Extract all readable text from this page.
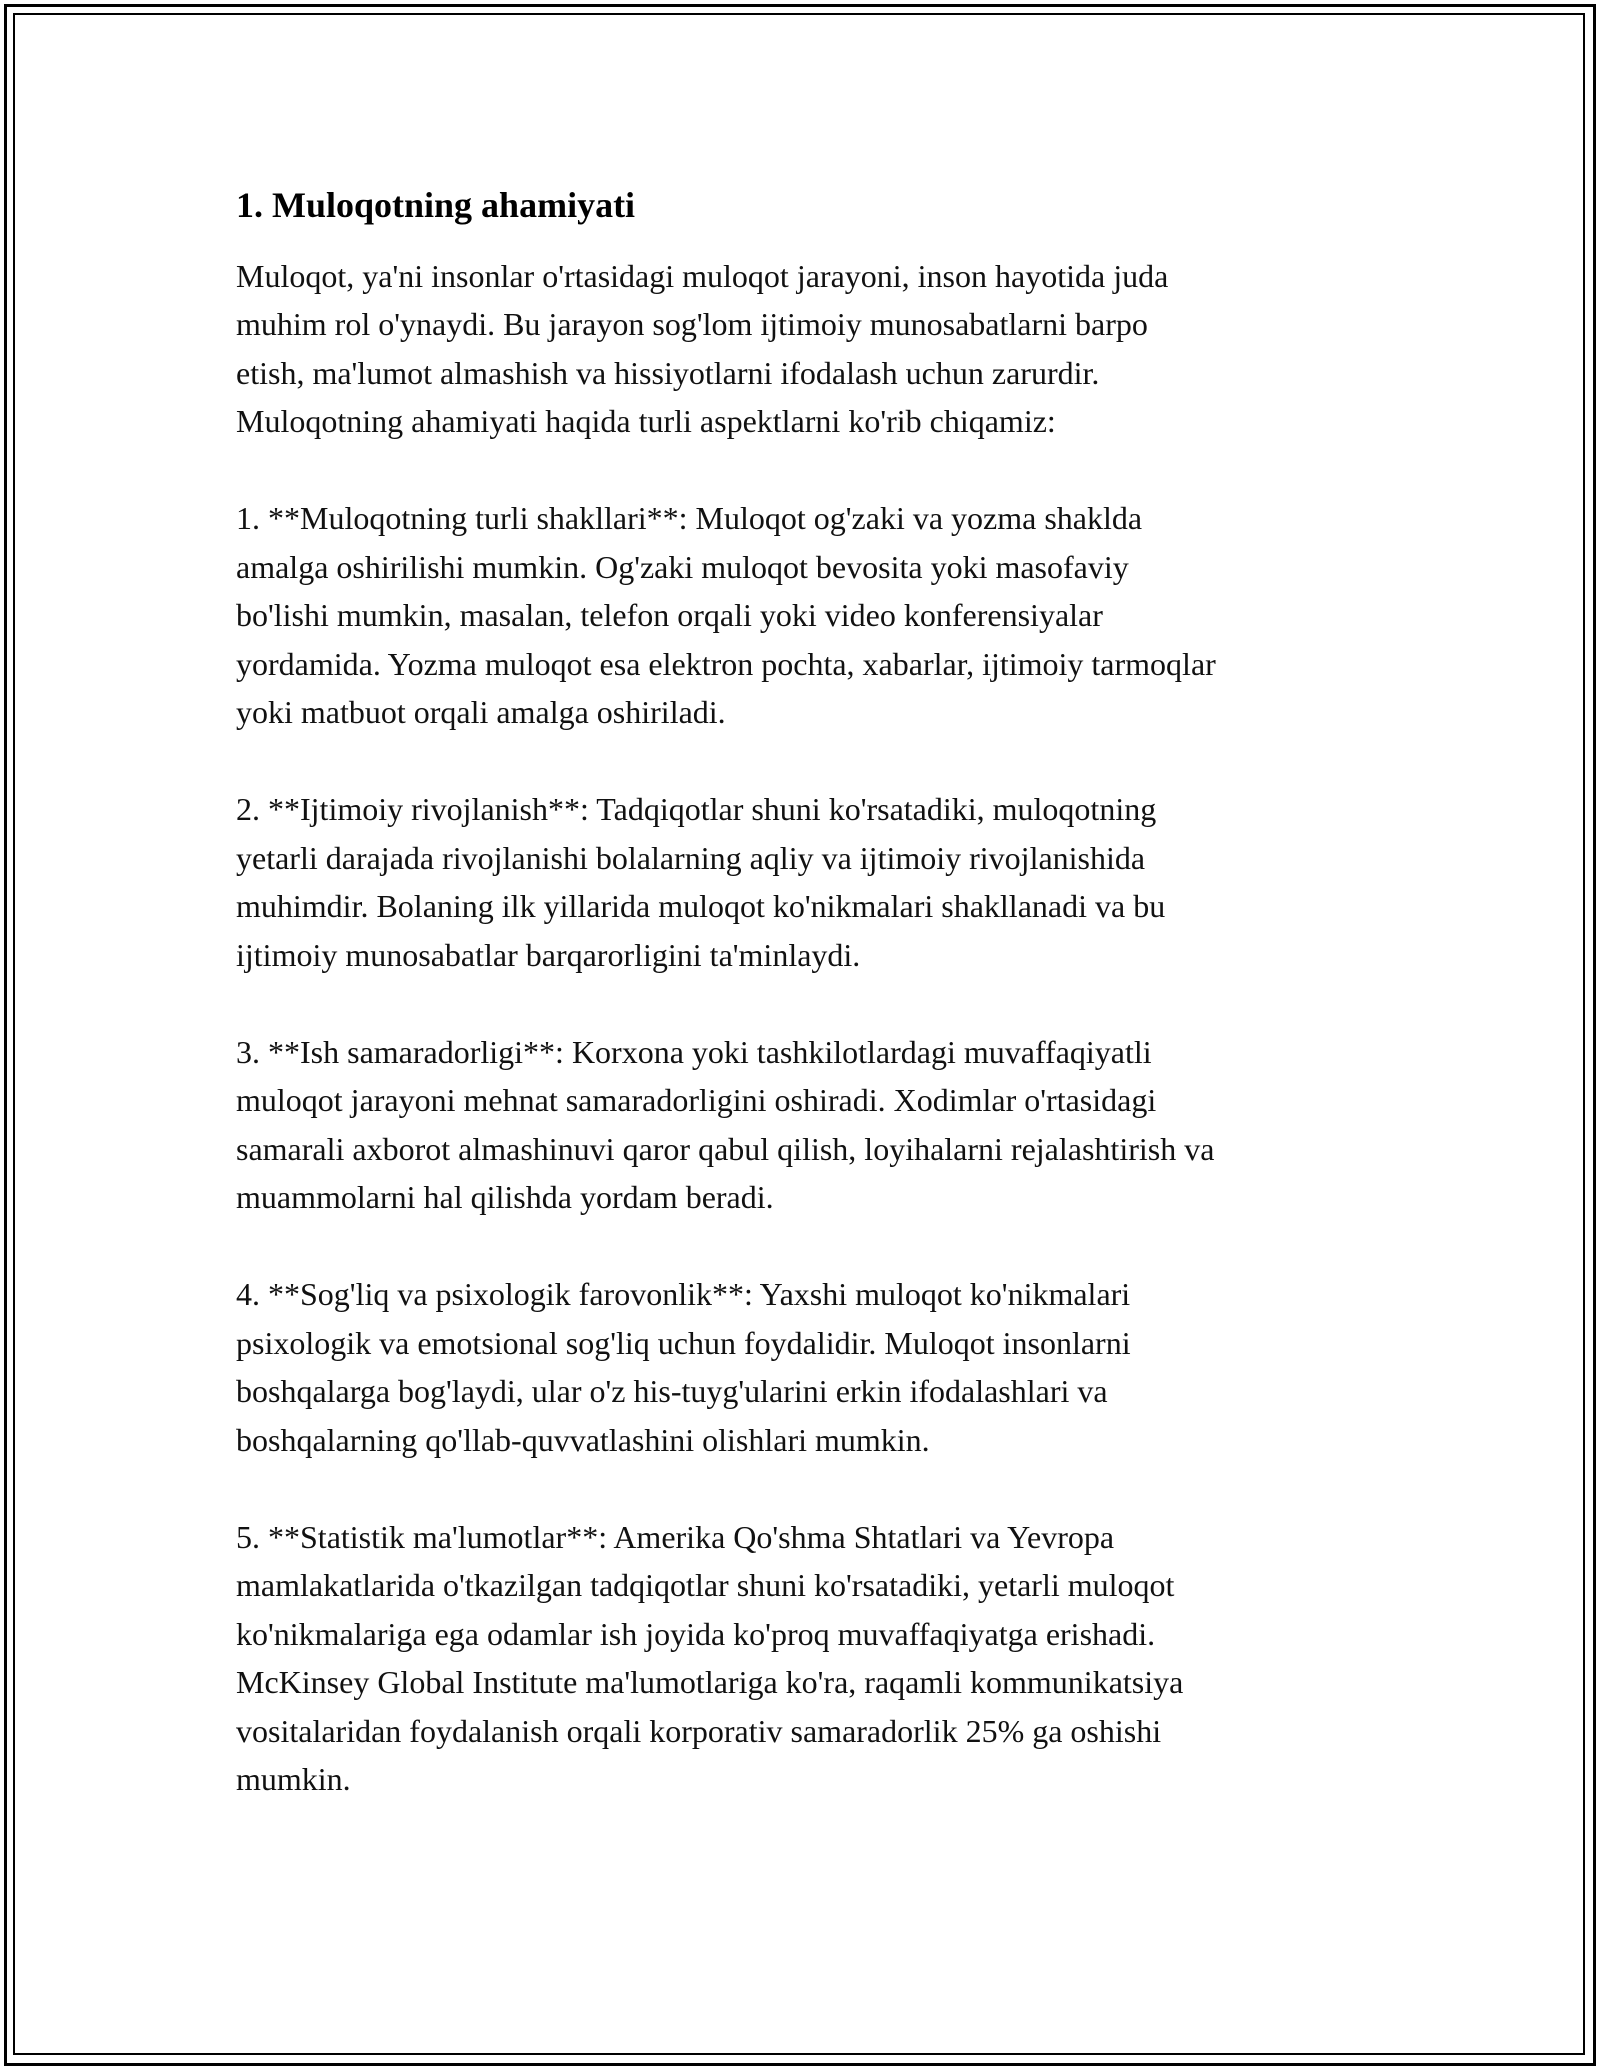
1. Muloqotning ahamiyati

Muloqot, ya'ni insonlar o'rtasidagi muloqot jarayoni, inson hayotida juda
muhim rol o'ynaydi. Bu jarayon sog'lom ijtimoiy munosabatlarni barpo
etish, ma'lumot almashish va hissiyotlarni ifodalash uchun zarurdir.
Muloqotning ahamiyati haqida turli aspektlarni ko'rib chiqamiz:

1. **Muloqotning turli shakllari**: Muloqot og'zaki va yozma shaklda
amalga oshirilishi mumkin. Og'zaki muloqot bevosita yoki masofaviy
bo'lishi mumkin, masalan, telefon orqali yoki video konferensiyalar
yordamida. Yozma muloqot esa elektron pochta, xabarlar, ijtimoiy tarmoqlar
yoki matbuot orqali amalga oshiriladi.

2. **Ijtimoiy rivojlanish**: Tadqiqotlar shuni ko'rsatadiki, muloqotning
yetarli darajada rivojlanishi bolalarning aqliy va ijtimoiy rivojlanishida
muhimdir. Bolaning ilk yillarida muloqot ko'nikmalari shakllanadi va bu
ijtimoiy munosabatlar barqarorligini ta'minlaydi.

3. **Ish samaradorligi**: Korxona yoki tashkilotlardagi muvaffaqiyatli
muloqot jarayoni mehnat samaradorligini oshiradi. Xodimlar o'rtasidagi
samarali axborot almashinuvi qaror qabul qilish, loyihalarni rejalashtirish va
muammolarni hal qilishda yordam beradi.

4. **Sog'liq va psixologik farovonlik**: Yaxshi muloqot ko'nikmalari
psixologik va emotsional sog'liq uchun foydalidir. Muloqot insonlarni
boshqalarga bog'laydi, ular o'z his-tuyg'ularini erkin ifodalashlari va
boshqalarning qo'llab-quvvatlashini olishlari mumkin.

5. **Statistik ma'lumotlar**: Amerika Qo'shma Shtatlari va Yevropa
mamlakatlarida o'tkazilgan tadqiqotlar shuni ko'rsatadiki, yetarli muloqot
ko'nikmalariga ega odamlar ish joyida ko'proq muvaffaqiyatga erishadi.
McKinsey Global Institute ma'lumotlariga ko'ra, raqamli kommunikatsiya
vositalaridan foydalanish orqali korporativ samaradorlik 25% ga oshishi
mumkin.
